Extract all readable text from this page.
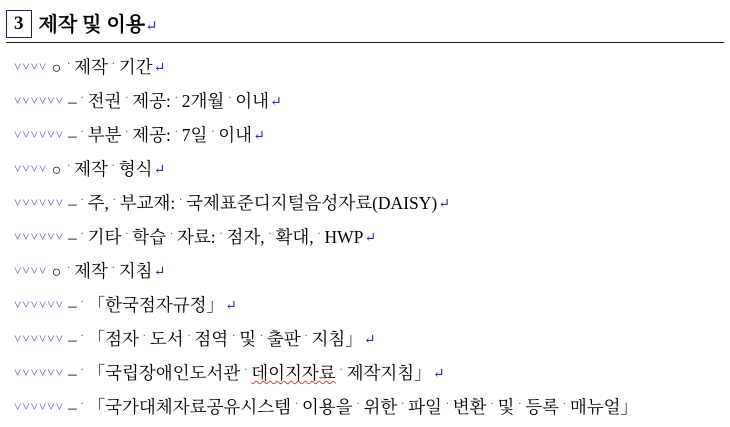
3 제작 및 이용↵
˅˅˅˅ ○ ˙ 제작 ˙ 기간↵
˅˅˅˅˅˅ – ˙ 전권 ˙ 제공: ˙ 2개월 ˙ 이내↵
˅˅˅˅˅˅ – ˙ 부분 ˙ 제공: ˙ 7일 ˙ 이내↵
˅˅˅˅ ○ ˙ 제작 ˙ 형식↵
˅˅˅˅˅˅ – ˙ 주, ˙ 부교재: ˙ 국제표준디지털음성자료(DAISY)↵
˅˅˅˅˅˅ – ˙ 기타 ˙ 학습 ˙ 자료: ˙ 점자, ˙ 확대, ˙ HWP↵
˅˅˅˅ ○ ˙ 제작 ˙ 지침↵
˅˅˅˅˅˅ – ˙ 「한국점자규정」↵
˅˅˅˅˅˅ – ˙ 「점자 ˙ 도서 ˙ 점역 ˙ 및 ˙ 출판 ˙ 지침」↵
˅˅˅˅˅˅ – ˙ 「국립장애인도서관 ˙ 데이지자료 ˙ 제작지침」↵
˅˅˅˅˅˅ – ˙ 「국가대체자료공유시스템 ˙ 이용을 ˙ 위한 ˙ 파일 ˙ 변환 ˙ 및 ˙ 등록 ˙ 매뉴얼」
